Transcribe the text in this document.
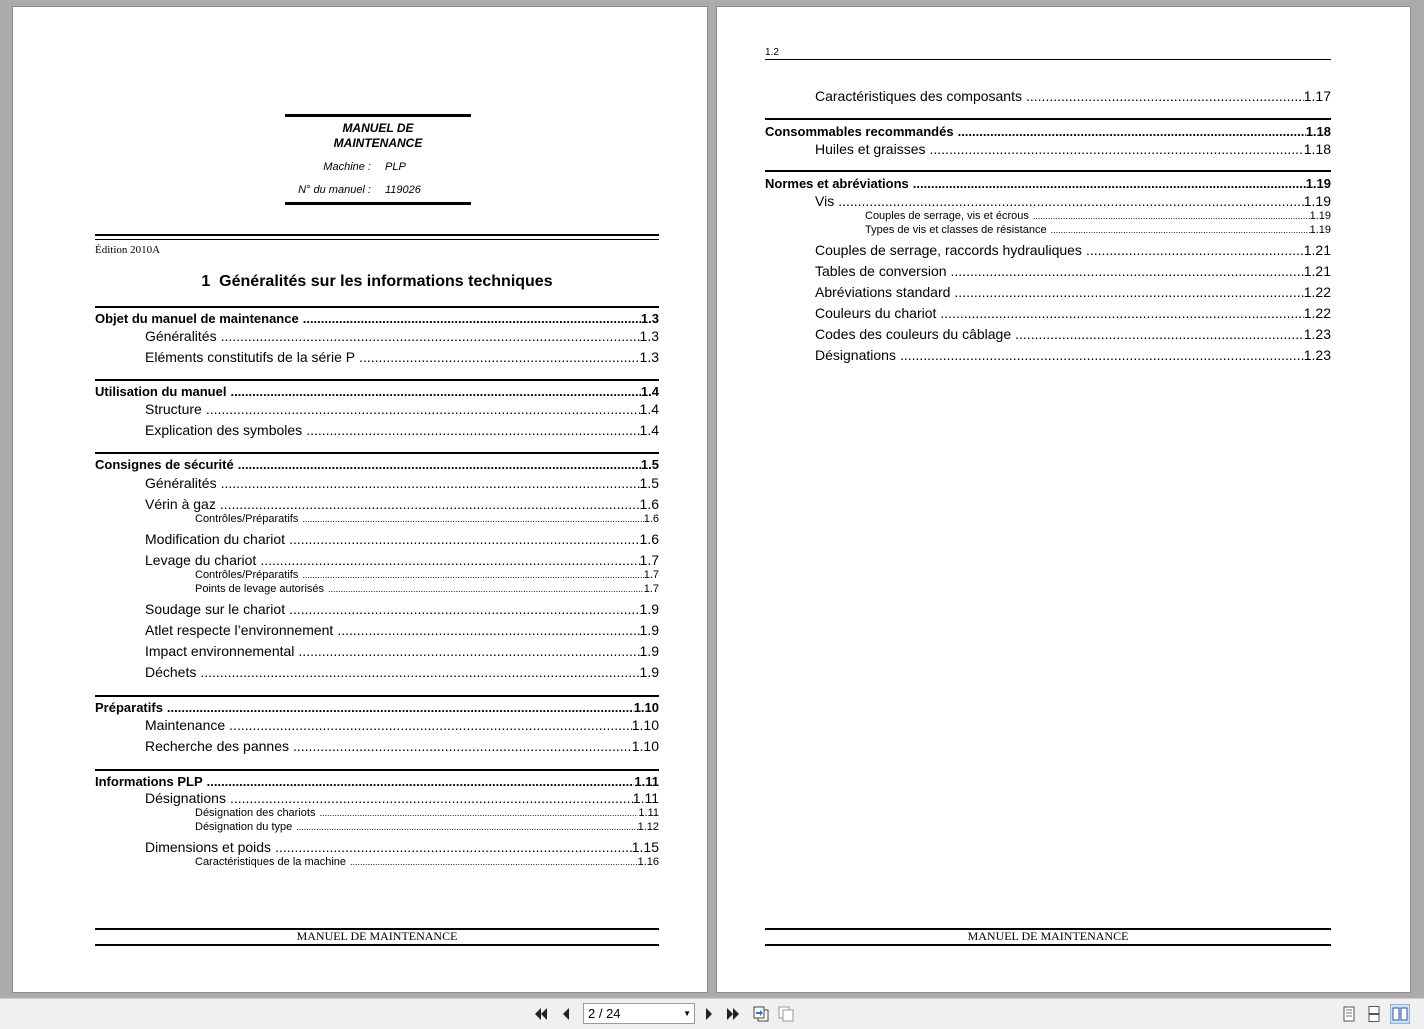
MANUEL DE
MAINTENANCE
Machine : PLP
N° du manuel : 119026
Édition 2010A
1 Généralités sur les informations techniques
Objet du manuel de maintenance .....	1.3
Généralités .....	1.3
Eléments constitutifs de la série P .....	1.3
Utilisation du manuel .....	1.4
Structure .....	1.4
Explication des symboles .....	1.4
Consignes de sécurité .....	1.5
Généralités .....	1.5
Vérin à gaz .....	1.6
Contrôles/Préparatifs .....	1.6
Modification du chariot .....	1.6
Levage du chariot .....	1.7
Contrôles/Préparatifs .....	1.7
Points de levage autorisés .....	1.7
Soudage sur le chariot .....	1.9
Atlet respecte l’environnement .....	1.9
Impact environnemental .....	1.9
Déchets .....	1.9
Préparatifs .....	1.10
Maintenance .....	1.10
Recherche des pannes .....	1.10
Informations PLP .....	1.11
Désignations .....	1.11
Désignation des chariots .....	1.11
Désignation du type .....	1.12
Dimensions et poids .....	1.15
Caractéristiques de la machine .....	1.16
MANUEL DE MAINTENANCE
1.2
Caractéristiques des composants .....	1.17
Consommables recommandés .....	1.18
Huiles et graisses .....	1.18
Normes et abréviations .....	1.19
Vis .....	1.19
Couples de serrage, vis et écrous .....	1.19
Types de vis et classes de résistance .....	1.19
Couples de serrage, raccords hydrauliques .....	1.21
Tables de conversion .....	1.21
Abréviations standard .....	1.22
Couleurs du chariot .....	1.22
Codes des couleurs du câblage .....	1.23
Désignations .....	1.23
MANUEL DE MAINTENANCE
2 / 24	▼
